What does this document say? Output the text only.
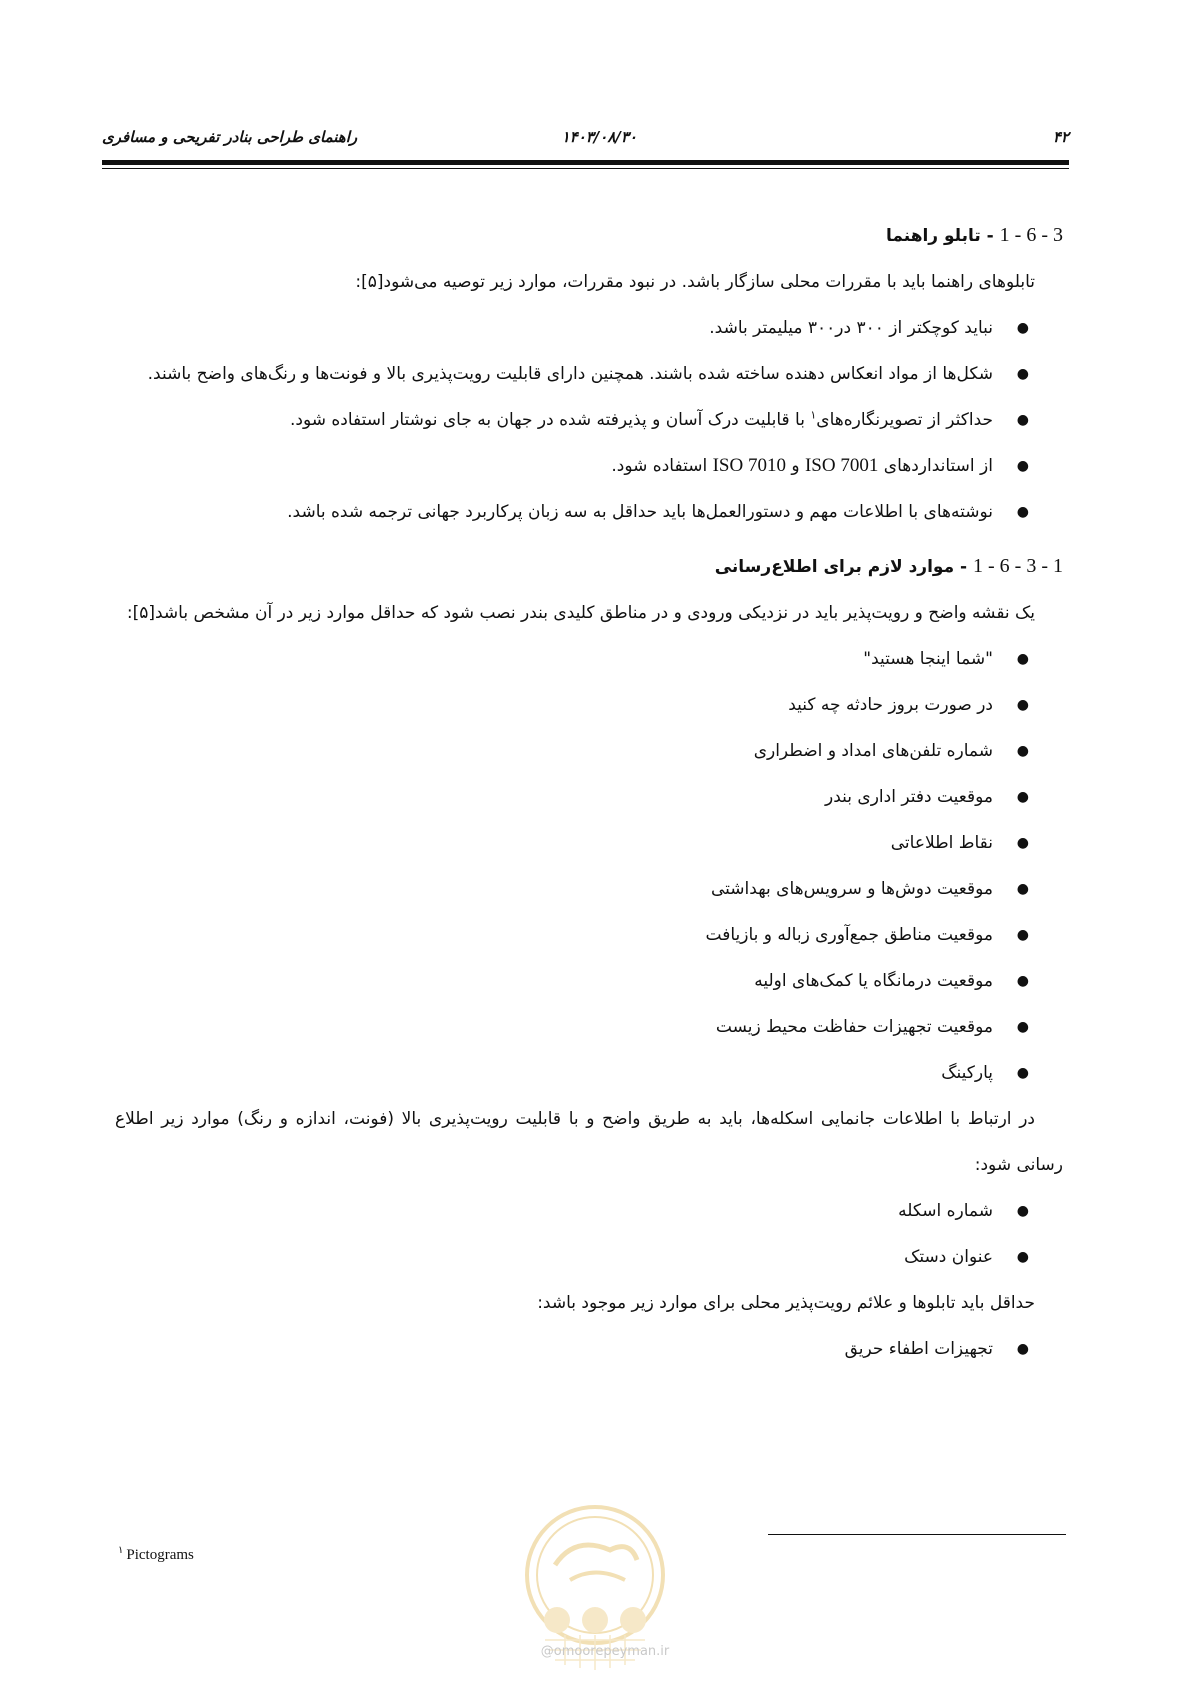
۴۲
۱۴۰۳/۰۸/۳۰
راهنمای طراحی بنادر تفریحی و مسافری

1 - 6 - 3 - تابلو راهنما

تابلوهای راهنما باید با مقررات محلی سازگار باشد. در نبود مقررات، موارد زیر توصیه می‌شود[۵]:

●
نباید کوچکتر از ۳۰۰ در۳۰۰ میلیمتر باشد.
●
شکل‌ها از مواد انعکاس دهنده ساخته شده باشند. همچنین دارای قابلیت رویت‌پذیری بالا و فونت‌ها و رنگ‌های واضح باشند.
●
حداکثر از تصویرنگاره‌های$^۱$ با قابلیت درک آسان و پذیرفته شده در جهان به جای نوشتار استفاده شود.
●
از استانداردهای ISO 7001 و ISO 7010 استفاده شود.
●
نوشته‌های با اطلاعات مهم و دستورالعمل‌ها باید حداقل به سه زبان پرکاربرد جهانی ترجمه شده باشد.

1 - 6 - 3 - 1 - موارد لازم برای اطلاع‌رسانی

یک نقشه واضح و رویت‌پذیر باید در نزدیکی ورودی و در مناطق کلیدی بندر نصب شود که حداقل موارد زیر در آن مشخص باشد[۵]:

●
"شما اینجا هستید"
●
در صورت بروز حادثه چه کنید
●
شماره تلفن‌های امداد و اضطراری
●
موقعیت دفتر اداری بندر
●
نقاط اطلاعاتی
●
موقعیت دوش‌ها و سرویس‌های بهداشتی
●
موقعیت مناطق جمع‌آوری زباله و بازیافت
●
موقعیت درمانگاه یا کمک‌های اولیه
●
موقعیت تجهیزات حفاظت محیط زیست
●
پارکینگ

در ارتباط با اطلاعات جانمایی اسکله‌ها، باید به طریق واضح و با قابلیت رویت‌پذیری بالا (فونت، اندازه و رنگ) موارد زیر اطلاع رسانی شود:

●
شماره اسکله
●
عنوان دستک

حداقل باید تابلوها و علائم رویت‌پذیر محلی برای موارد زیر موجود باشد:

●
تجهیزات اطفاء حریق
$^۱$ Pictograms
@omoorepeyman.ir
